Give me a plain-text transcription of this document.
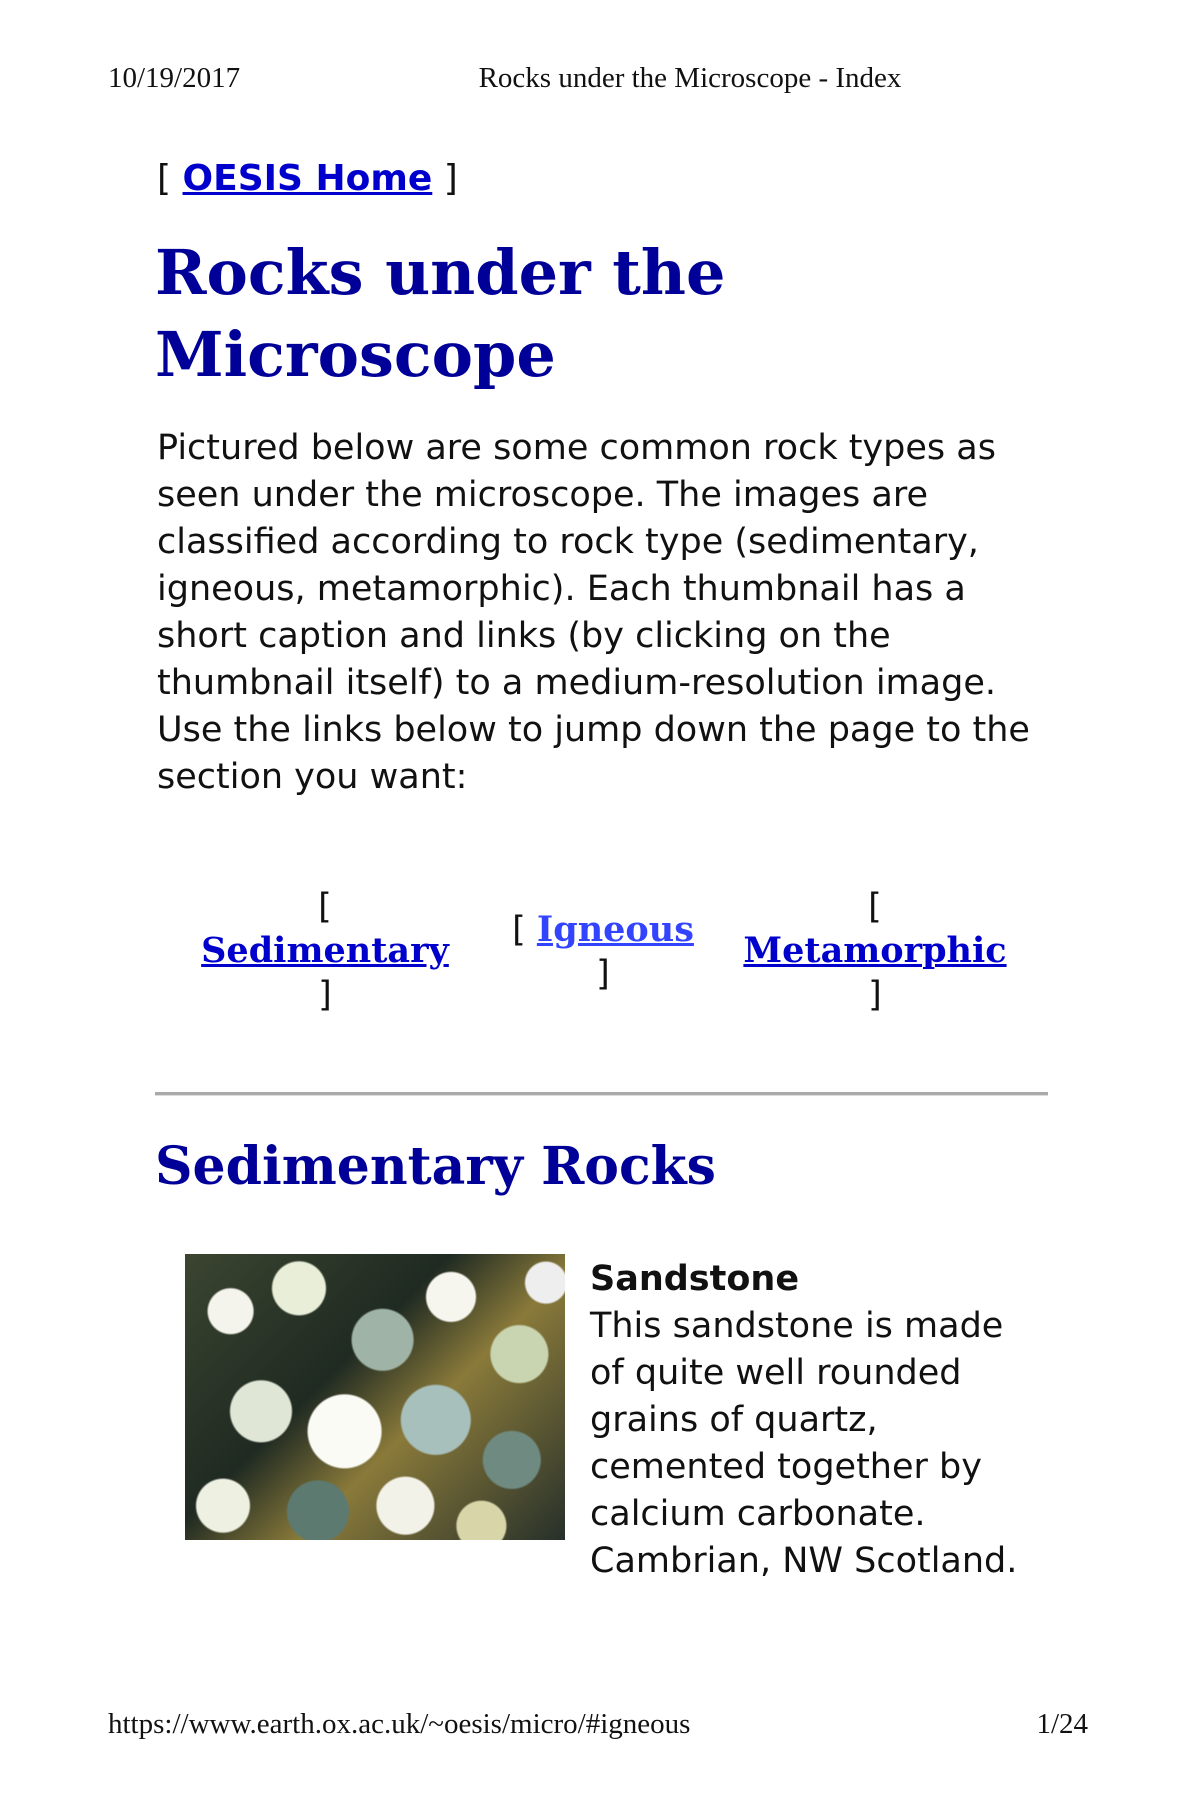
10/19/2017	Rocks under the Microscope - Index
[ OESIS Home ]
Rocks under the Microscope

Pictured below are some common rock types as seen under the microscope. The images are classified according to rock type (sedimentary, igneous, metamorphic). Each thumbnail has a short caption and links (by clicking on the thumbnail itself) to a medium-resolution image. Use the links below to jump down the page to the section you want:

[
Sedimentary
]
[ Igneous
]
[
Metamorphic
]
Sedimentary Rocks
Sandstone
This sandstone is made of quite well rounded grains of quartz, cemented together by calcium carbonate. Cambrian, NW Scotland.
https://www.earth.ox.ac.uk/~oesis/micro/#igneous	1/24
